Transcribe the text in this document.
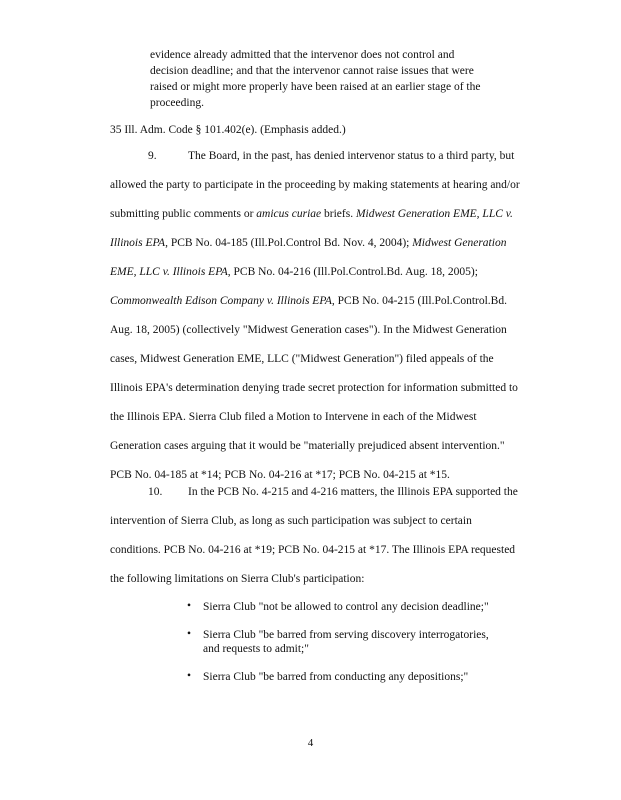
evidence already admitted that the intervenor does not control and

decision deadline; and that the intervenor cannot raise issues that were

raised or might more properly have been raised at an earlier stage of the

proceeding.

35 Ill. Adm. Code § 101.402(e). (Emphasis added.)
9.	The Board, in the past, has denied intervenor status to a third party, but
allowed the party to participate in the proceeding by making statements at hearing and/or
submitting public comments or amicus curiae briefs. Midwest Generation EME, LLC v.
Illinois EPA, PCB No. 04-185 (Ill.Pol.Control Bd. Nov. 4, 2004); Midwest Generation
EME, LLC v. Illinois EPA, PCB No. 04-216 (Ill.Pol.Control.Bd. Aug. 18, 2005);
Commonwealth Edison Company v. Illinois EPA, PCB No. 04-215 (Ill.Pol.Control.Bd.
Aug. 18, 2005) (collectively "Midwest Generation cases"). In the Midwest Generation
cases, Midwest Generation EME, LLC ("Midwest Generation") filed appeals of the
Illinois EPA's determination denying trade secret protection for information submitted to
the Illinois EPA. Sierra Club filed a Motion to Intervene in each of the Midwest
Generation cases arguing that it would be "materially prejudiced absent intervention."
PCB No. 04-185 at *14; PCB No. 04-216 at *17; PCB No. 04-215 at *15.
10. In the PCB No. 4-215 and 4-216 matters, the Illinois EPA supported the
intervention of Sierra Club, as long as such participation was subject to certain
conditions. PCB No. 04-216 at *19; PCB No. 04-215 at *17. The Illinois EPA requested
the following limitations on Sierra Club's participation:
• Sierra Club "not be allowed to control any decision deadline;"
• Sierra Club "be barred from serving discovery interrogatories,
and requests to admit;"
• Sierra Club "be barred from conducting any depositions;"
4
